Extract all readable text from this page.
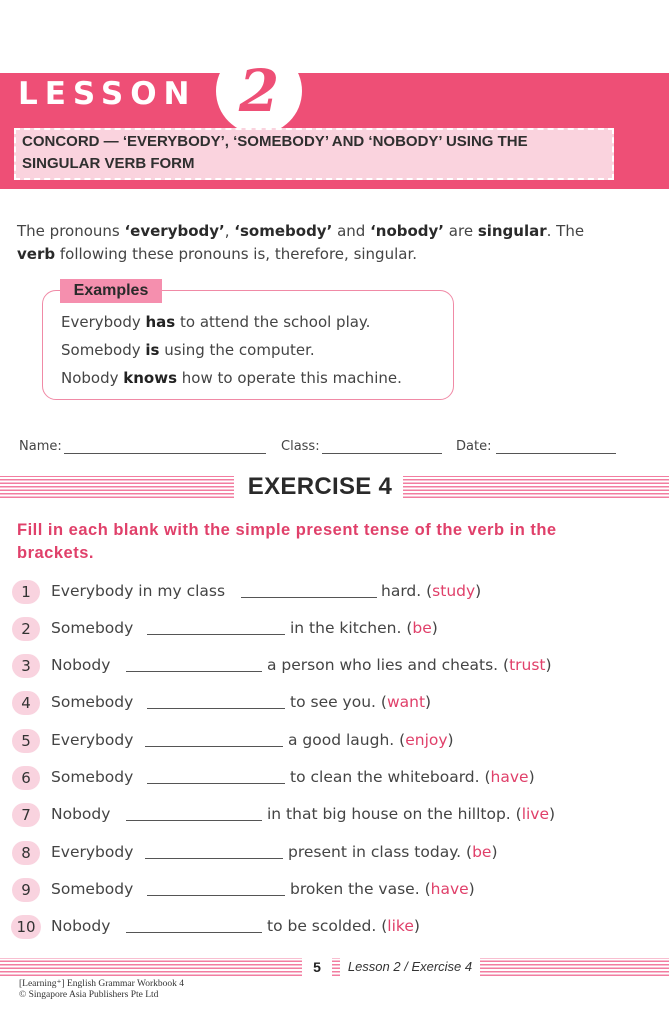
LESSON 2
CONCORD — ‘EVERYBODY’, ‘SOMEBODY’ AND ‘NOBODY’ USING THE
SINGULAR VERB FORM
The pronouns ‘everybody’, ‘somebody’ and ‘nobody’ are singular. The
verb following these pronouns is, therefore, singular.
Examples
Everybody has to attend the school play.
Somebody is using the computer.
Nobody knows how to operate this machine.
Name:	Class:	Date:
EXERCISE 4
Fill in each blank with the simple present tense of the verb in the
brackets.
1	Everybody in my class	hard. (study)
2	Somebody	in the kitchen. (be)
3	Nobody	a person who lies and cheats. (trust)
4	Somebody	to see you. (want)
5	Everybody	a good laugh. (enjoy)
6	Somebody	to clean the whiteboard. (have)
7	Nobody	in that big house on the hilltop. (live)
8	Everybody	present in class today. (be)
9	Somebody	broken the vase. (have)
10 Nobody	to be scolded. (like)
5	Lesson 2 / Exercise 4
[Learning⁺] English Grammar Workbook 4
© Singapore Asia Publishers Pte Ltd
